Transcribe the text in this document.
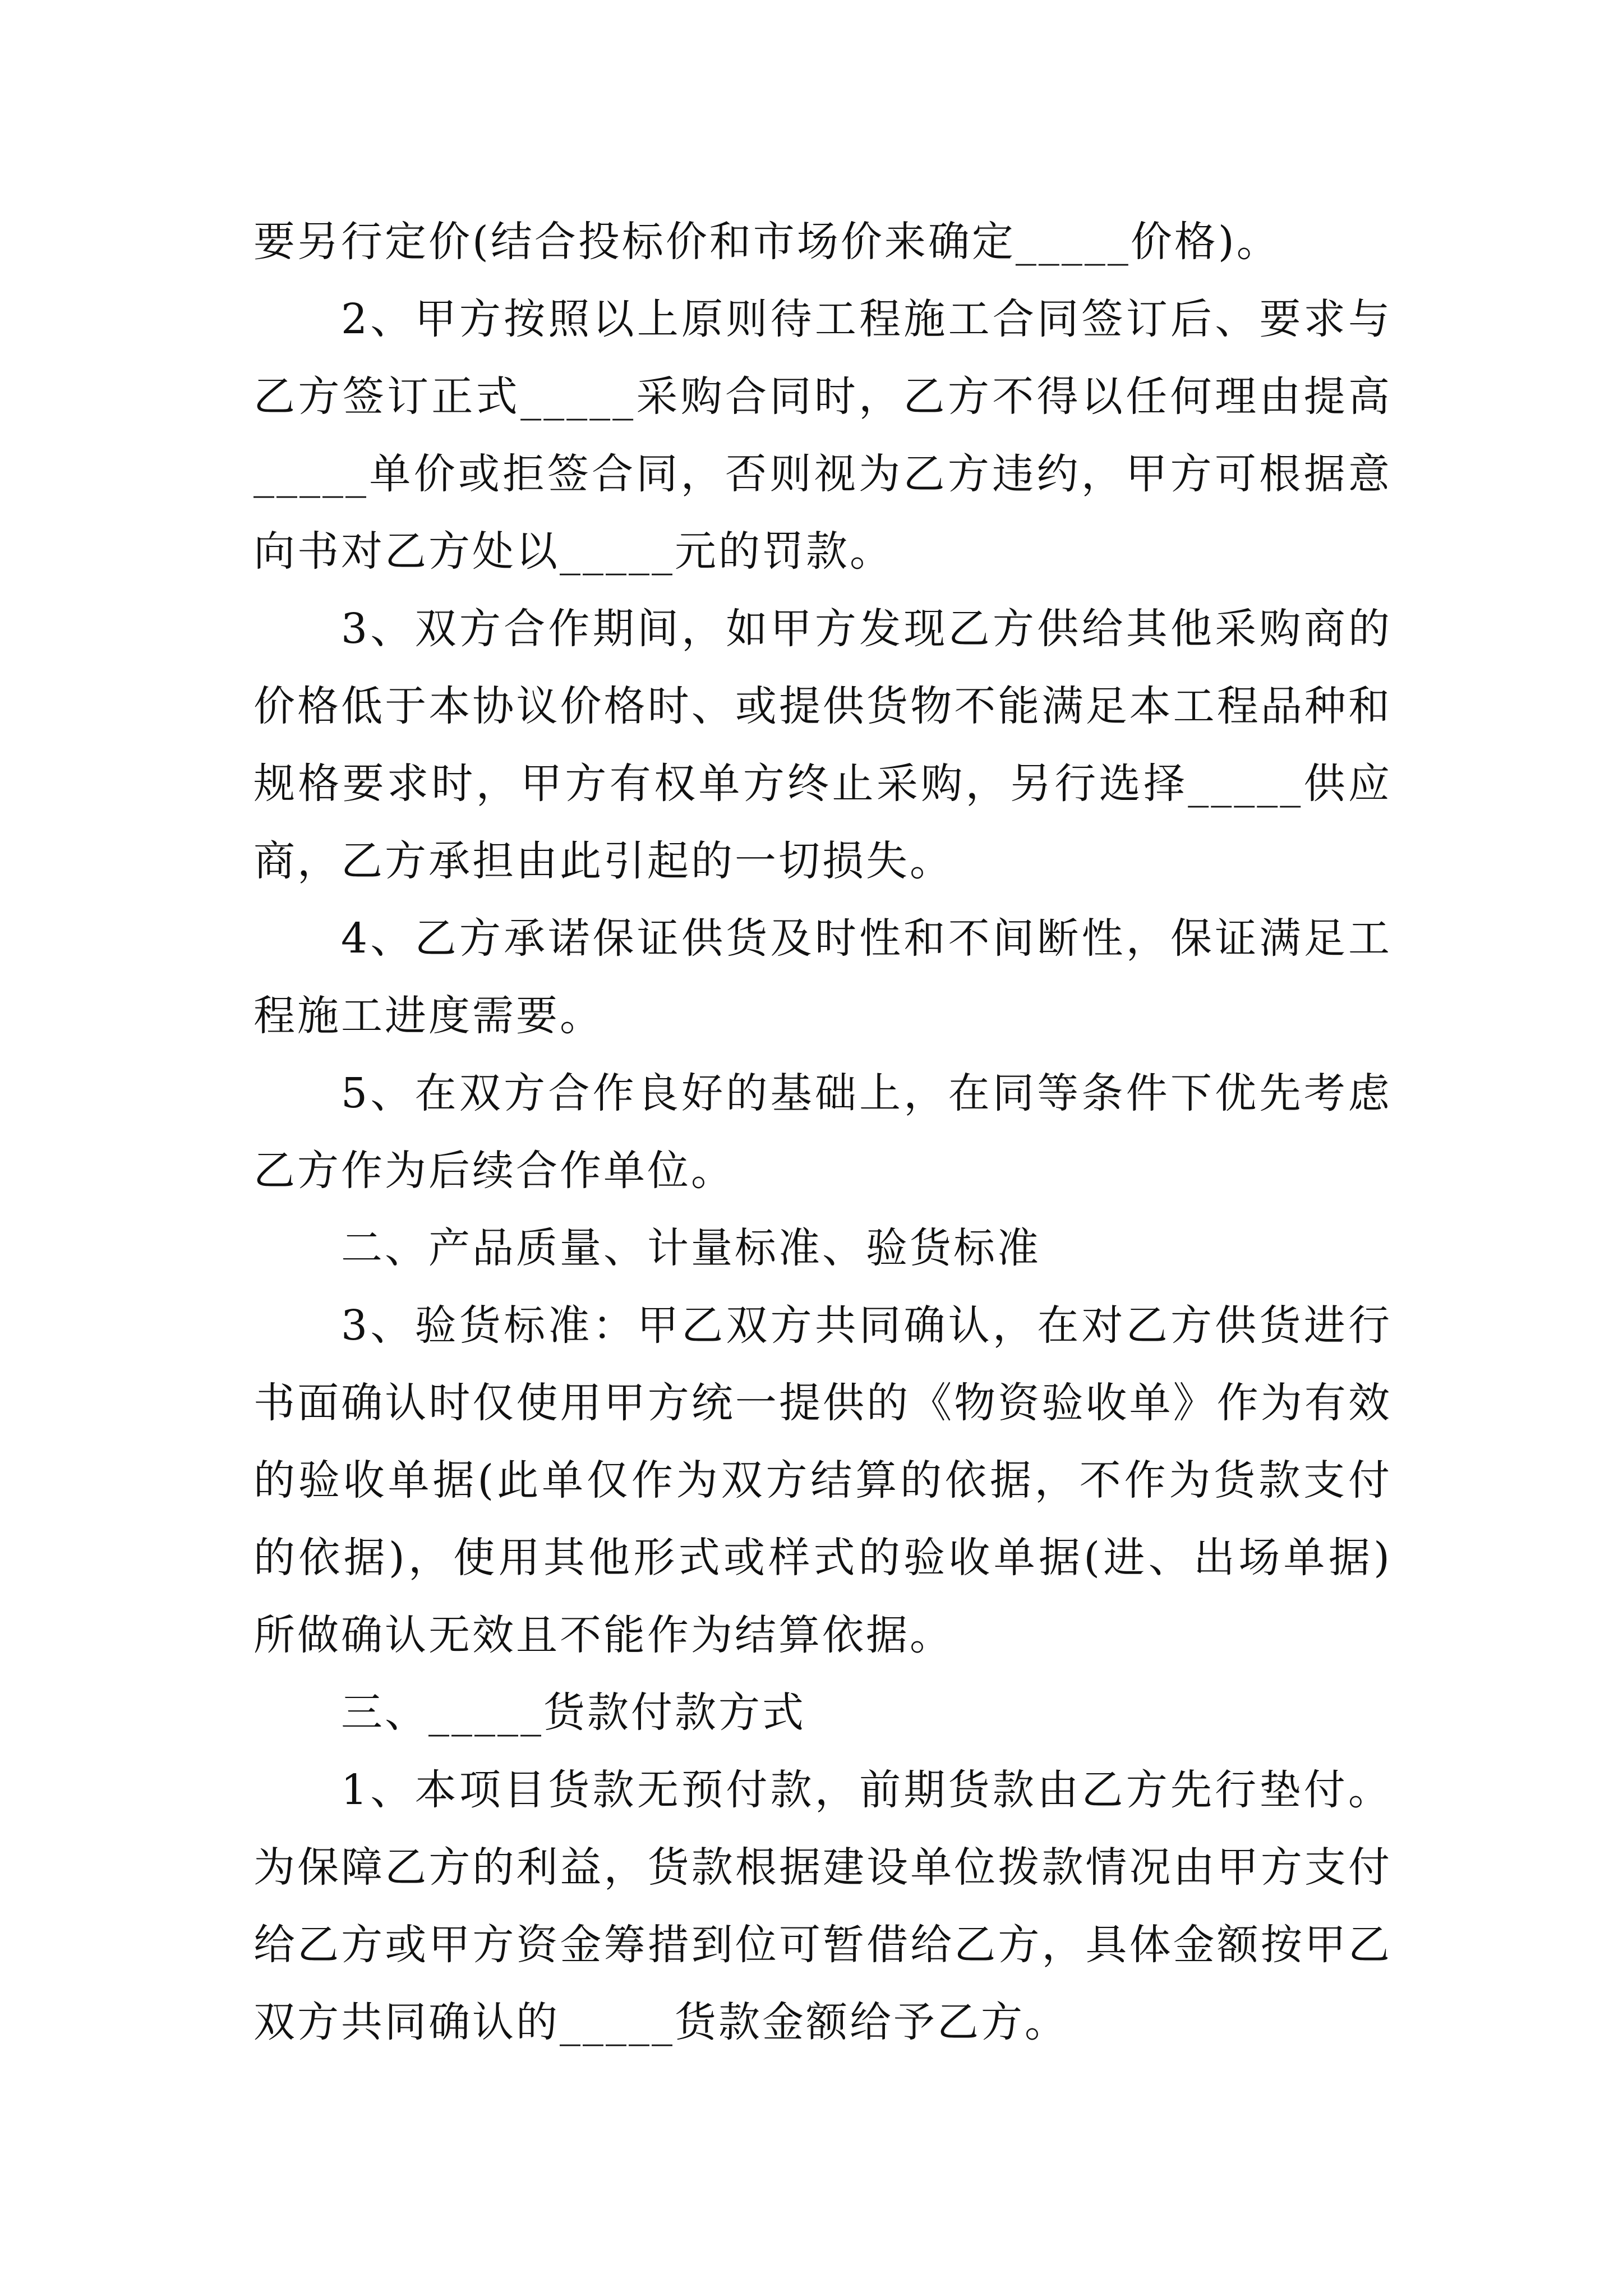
要另行定价(结合投标价和市场价来确定_____价格)。

2、甲方按照以上原则待工程施工合同签订后、要求与乙方签订正式_____采购合同时，乙方不得以任何理由提高_____单价或拒签合同，否则视为乙方违约，甲方可根据意向书对乙方处以_____元的罚款。

3、双方合作期间，如甲方发现乙方供给其他采购商的价格低于本协议价格时、或提供货物不能满足本工程品种和规格要求时，甲方有权单方终止采购，另行选择_____供应商，乙方承担由此引起的一切损失。

4、乙方承诺保证供货及时性和不间断性，保证满足工程施工进度需要。

5、在双方合作良好的基础上，在同等条件下优先考虑乙方作为后续合作单位。

二、产品质量、计量标准、验货标准

3、验货标准：甲乙双方共同确认，在对乙方供货进行书面确认时仅使用甲方统一提供的《物资验收单》作为有效的验收单据(此单仅作为双方结算的依据，不作为货款支付的依据)，使用其他形式或样式的验收单据(进、出场单据)所做确认无效且不能作为结算依据。

三、_____货款付款方式

1、本项目货款无预付款，前期货款由乙方先行垫付。为保障乙方的利益，货款根据建设单位拨款情况由甲方支付给乙方或甲方资金筹措到位可暂借给乙方，具体金额按甲乙双方共同确认的_____货款金额给予乙方。
